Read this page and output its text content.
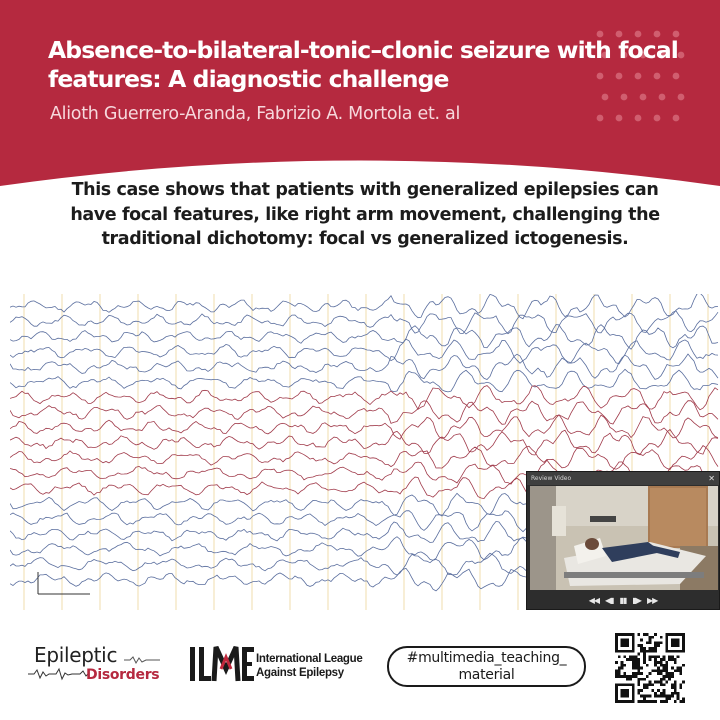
Absence-to-bilateral-tonic–clonic seizure with focal features: A diagnostic challenge
Alioth Guerrero-Aranda, Fabrizio A. Mortola et. al

This case shows that patients with generalized epilepsies can have focal features, like right arm movement, challenging the traditional dichotomy: focal vs generalized ictogenesis.

Review Video	✕
◀◀ ◀▮ ▮▮ ▮▶ ▶▶
Epileptic
Disorders
International League
Against Epilepsy
#multimedia_teaching_
material
